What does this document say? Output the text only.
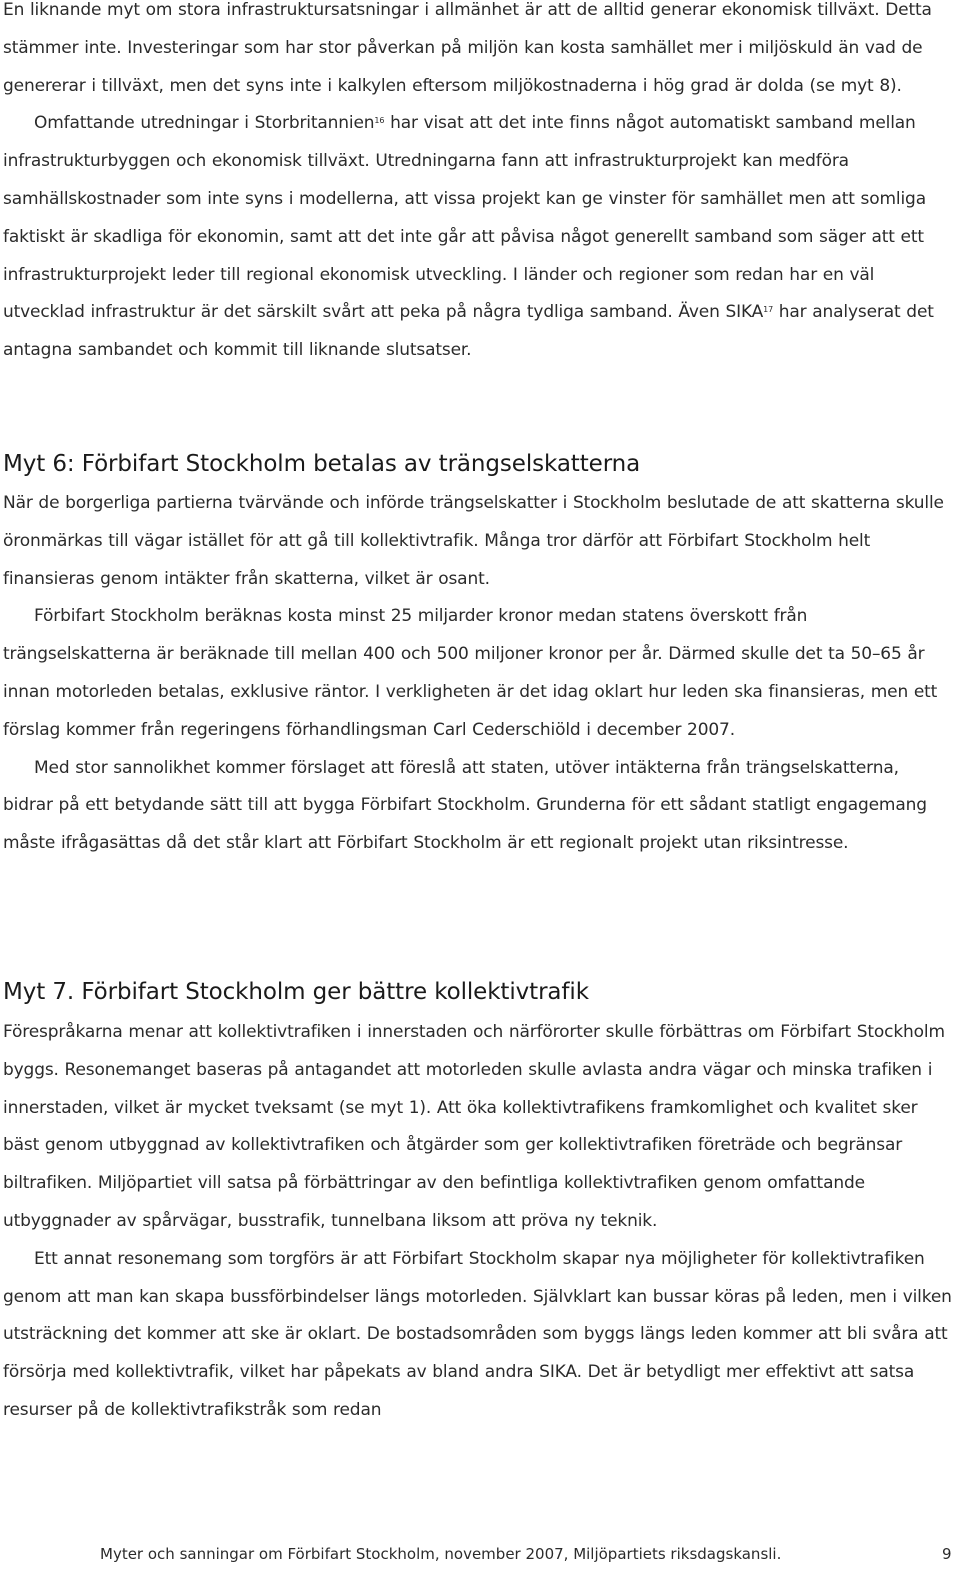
En liknande myt om stora infrastruktursatsningar i allmänhet är att de alltid generar ekonomisk tillväxt. Detta stämmer inte. Investeringar som har stor påverkan på miljön kan kosta samhället mer i miljöskuld än vad de genererar i tillväxt, men det syns inte i kalkylen eftersom miljökostnaderna i hög grad är dolda (se myt 8).

Omfattande utredningar i Storbritannien$^{16}$ har visat att det inte finns något automatiskt samband mellan infrastrukturbyggen och ekonomisk tillväxt. Utredningarna fann att infrastrukturprojekt kan medföra samhällskostnader som inte syns i modellerna, att vissa projekt kan ge vinster för samhället men att somliga faktiskt är skadliga för ekonomin, samt att det inte går att påvisa något generellt samband som säger att ett infrastrukturprojekt leder till regional ekonomisk utveckling. I länder och regioner som redan har en väl utvecklad infrastruktur är det särskilt svårt att peka på några tydliga samband. Även SIKA$^{17}$ har analyserat det antagna sambandet och kommit till liknande slutsatser.

Myt 6: Förbifart Stockholm betalas av trängselskatterna

När de borgerliga partierna tvärvände och införde trängselskatter i Stockholm beslutade de att skatterna skulle öronmärkas till vägar istället för att gå till kollektivtrafik. Många tror därför att Förbifart Stockholm helt finansieras genom intäkter från skatterna, vilket är osant.

Förbifart Stockholm beräknas kosta minst 25 miljarder kronor medan statens överskott från trängselskatterna är beräknade till mellan 400 och 500 miljoner kronor per år. Därmed skulle det ta 50–65 år innan motorleden betalas, exklusive räntor. I verkligheten är det idag oklart hur leden ska finansieras, men ett förslag kommer från regeringens förhandlingsman Carl Cederschiöld i december 2007.

Med stor sannolikhet kommer förslaget att föreslå att staten, utöver intäkterna från trängselskatterna, bidrar på ett betydande sätt till att bygga Förbifart Stockholm. Grunderna för ett sådant statligt engagemang måste ifrågasättas då det står klart att Förbifart Stockholm är ett regionalt projekt utan riksintresse.

Myt 7. Förbifart Stockholm ger bättre kollektivtrafik

Förespråkarna menar att kollektivtrafiken i innerstaden och närförorter skulle förbättras om Förbifart Stockholm byggs. Resonemanget baseras på antagandet att motorleden skulle avlasta andra vägar och minska trafiken i innerstaden, vilket är mycket tveksamt (se myt 1). Att öka kollektivtrafikens framkomlighet och kvalitet sker bäst genom utbyggnad av kollektivtrafiken och åtgärder som ger kollektivtrafiken företräde och begränsar biltrafiken. Miljöpartiet vill satsa på förbättringar av den befintliga kollektivtrafiken genom omfattande utbyggnader av spårvägar, busstrafik, tunnelbana liksom att pröva ny teknik.

Ett annat resonemang som torgförs är att Förbifart Stockholm skapar nya möjligheter för kollektivtrafiken genom att man kan skapa bussförbindelser längs motorleden. Självklart kan bussar köras på leden, men i vilken utsträckning det kommer att ske är oklart. De bostadsområden som byggs längs leden kommer att bli svåra att försörja med kollektivtrafik, vilket har påpekats av bland andra SIKA. Det är betydligt mer effektivt att satsa resurser på de kollektivtrafikstråk som redan

Myter och sanningar om Förbifart Stockholm, november 2007, Miljöpartiets riksdagskansli.	9
